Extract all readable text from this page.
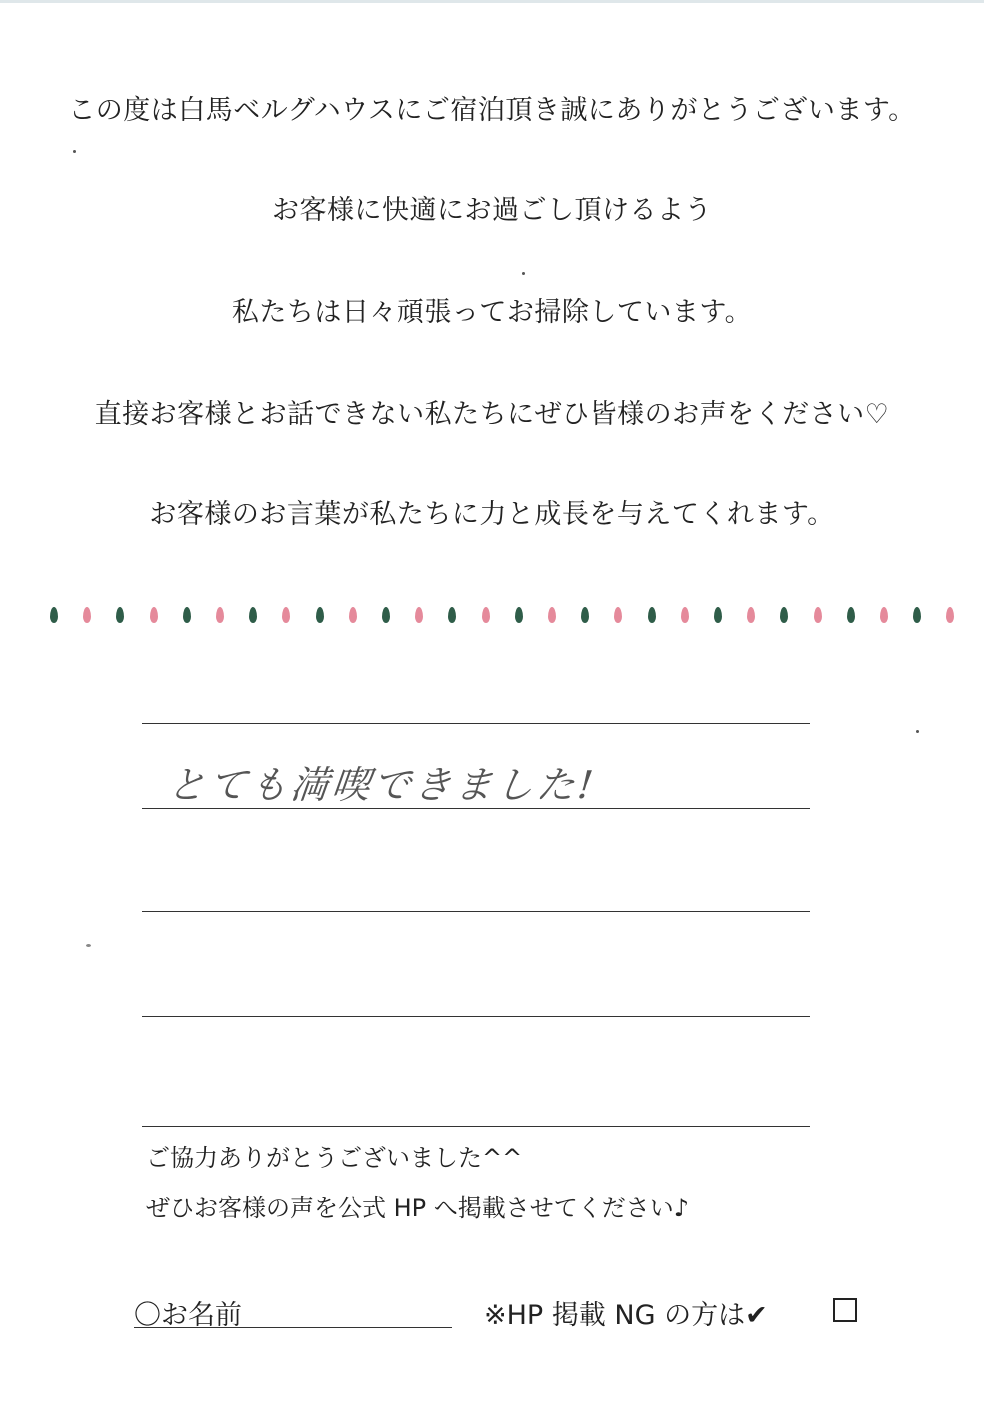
この度は白馬ベルグハウスにご宿泊頂き誠にありがとうございます。
お客様に快適にお過ごし頂けるよう
私たちは日々頑張ってお掃除しています。
直接お客様とお話できない私たちにぜひ皆様のお声をください♡
お客様のお言葉が私たちに力と成長を与えてくれます。
とても満喫できました!
ご協力ありがとうございました^^
ぜひお客様の声を公式 HP へ掲載させてください♪
〇お名前	※HP 掲載 NG の方は✔
